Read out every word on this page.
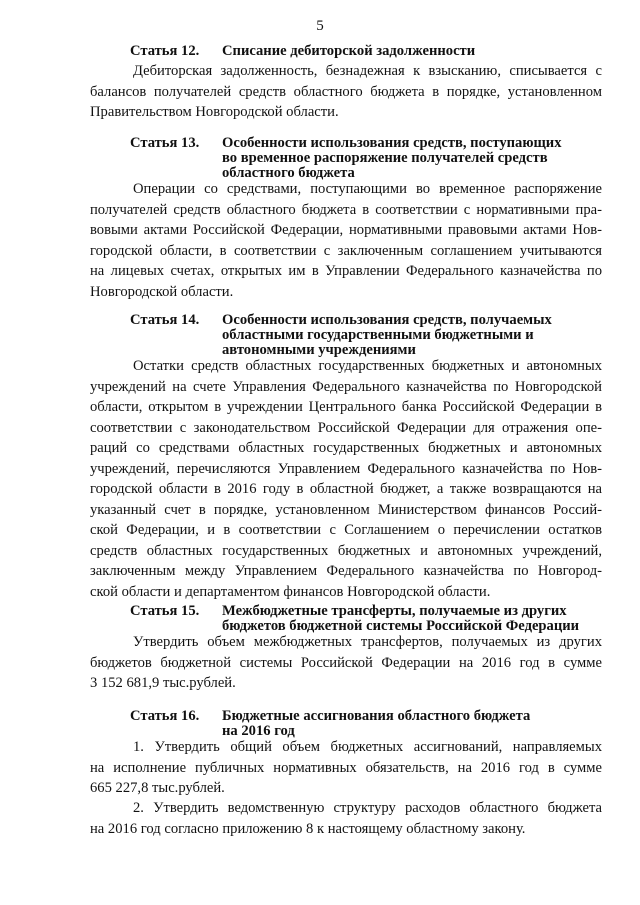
5
Статья 12. Списание дебиторской задолженности
Дебиторская задолженность, безнадежная к взысканию, списывается с
балансов получателей средств областного бюджета в порядке, установленном
Правительством Новгородской области.
Статья 13. Особенности использования средств, поступающих
во временное распоряжение получателей средств
областного бюджета
Операции со средствами, поступающими во временное распоряжение
получателей средств областного бюджета в соответствии с нормативными пра-
вовыми актами Российской Федерации, нормативными правовыми актами Нов-
городской области, в соответствии с заключенным соглашением учитываются
на лицевых счетах, открытых им в Управлении Федерального казначейства по
Новгородской области.
Статья 14. Особенности использования средств, получаемых
областными государственными бюджетными и
автономными учреждениями
Остатки средств областных государственных бюджетных и автономных
учреждений на счете Управления Федерального казначейства по Новгородской
области, открытом в учреждении Центрального банка Российской Федерации в
соответствии с законодательством Российской Федерации для отражения опе-
раций со средствами областных государственных бюджетных и автономных
учреждений, перечисляются Управлением Федерального казначейства по Нов-
городской области в 2016 году в областной бюджет, а также возвращаются на
указанный счет в порядке, установленном Министерством финансов Россий-
ской Федерации, и в соответствии с Соглашением о перечислении остатков
средств областных государственных бюджетных и автономных учреждений,
заключенным между Управлением Федерального казначейства по Новгород-
ской области и департаментом финансов Новгородской области.
Статья 15. Межбюджетные трансферты, получаемые из других
бюджетов бюджетной системы Российской Федерации
Утвердить объем межбюджетных трансфертов, получаемых из других
бюджетов бюджетной системы Российской Федерации на 2016 год в сумме
3 152 681,9 тыс.рублей.
Статья 16. Бюджетные ассигнования областного бюджета
на 2016 год
1. Утвердить общий объем бюджетных ассигнований, направляемых
на исполнение публичных нормативных обязательств, на 2016 год в сумме
665 227,8 тыс.рублей.
2. Утвердить ведомственную структуру расходов областного бюджета
на 2016 год согласно приложению 8 к настоящему областному закону.
